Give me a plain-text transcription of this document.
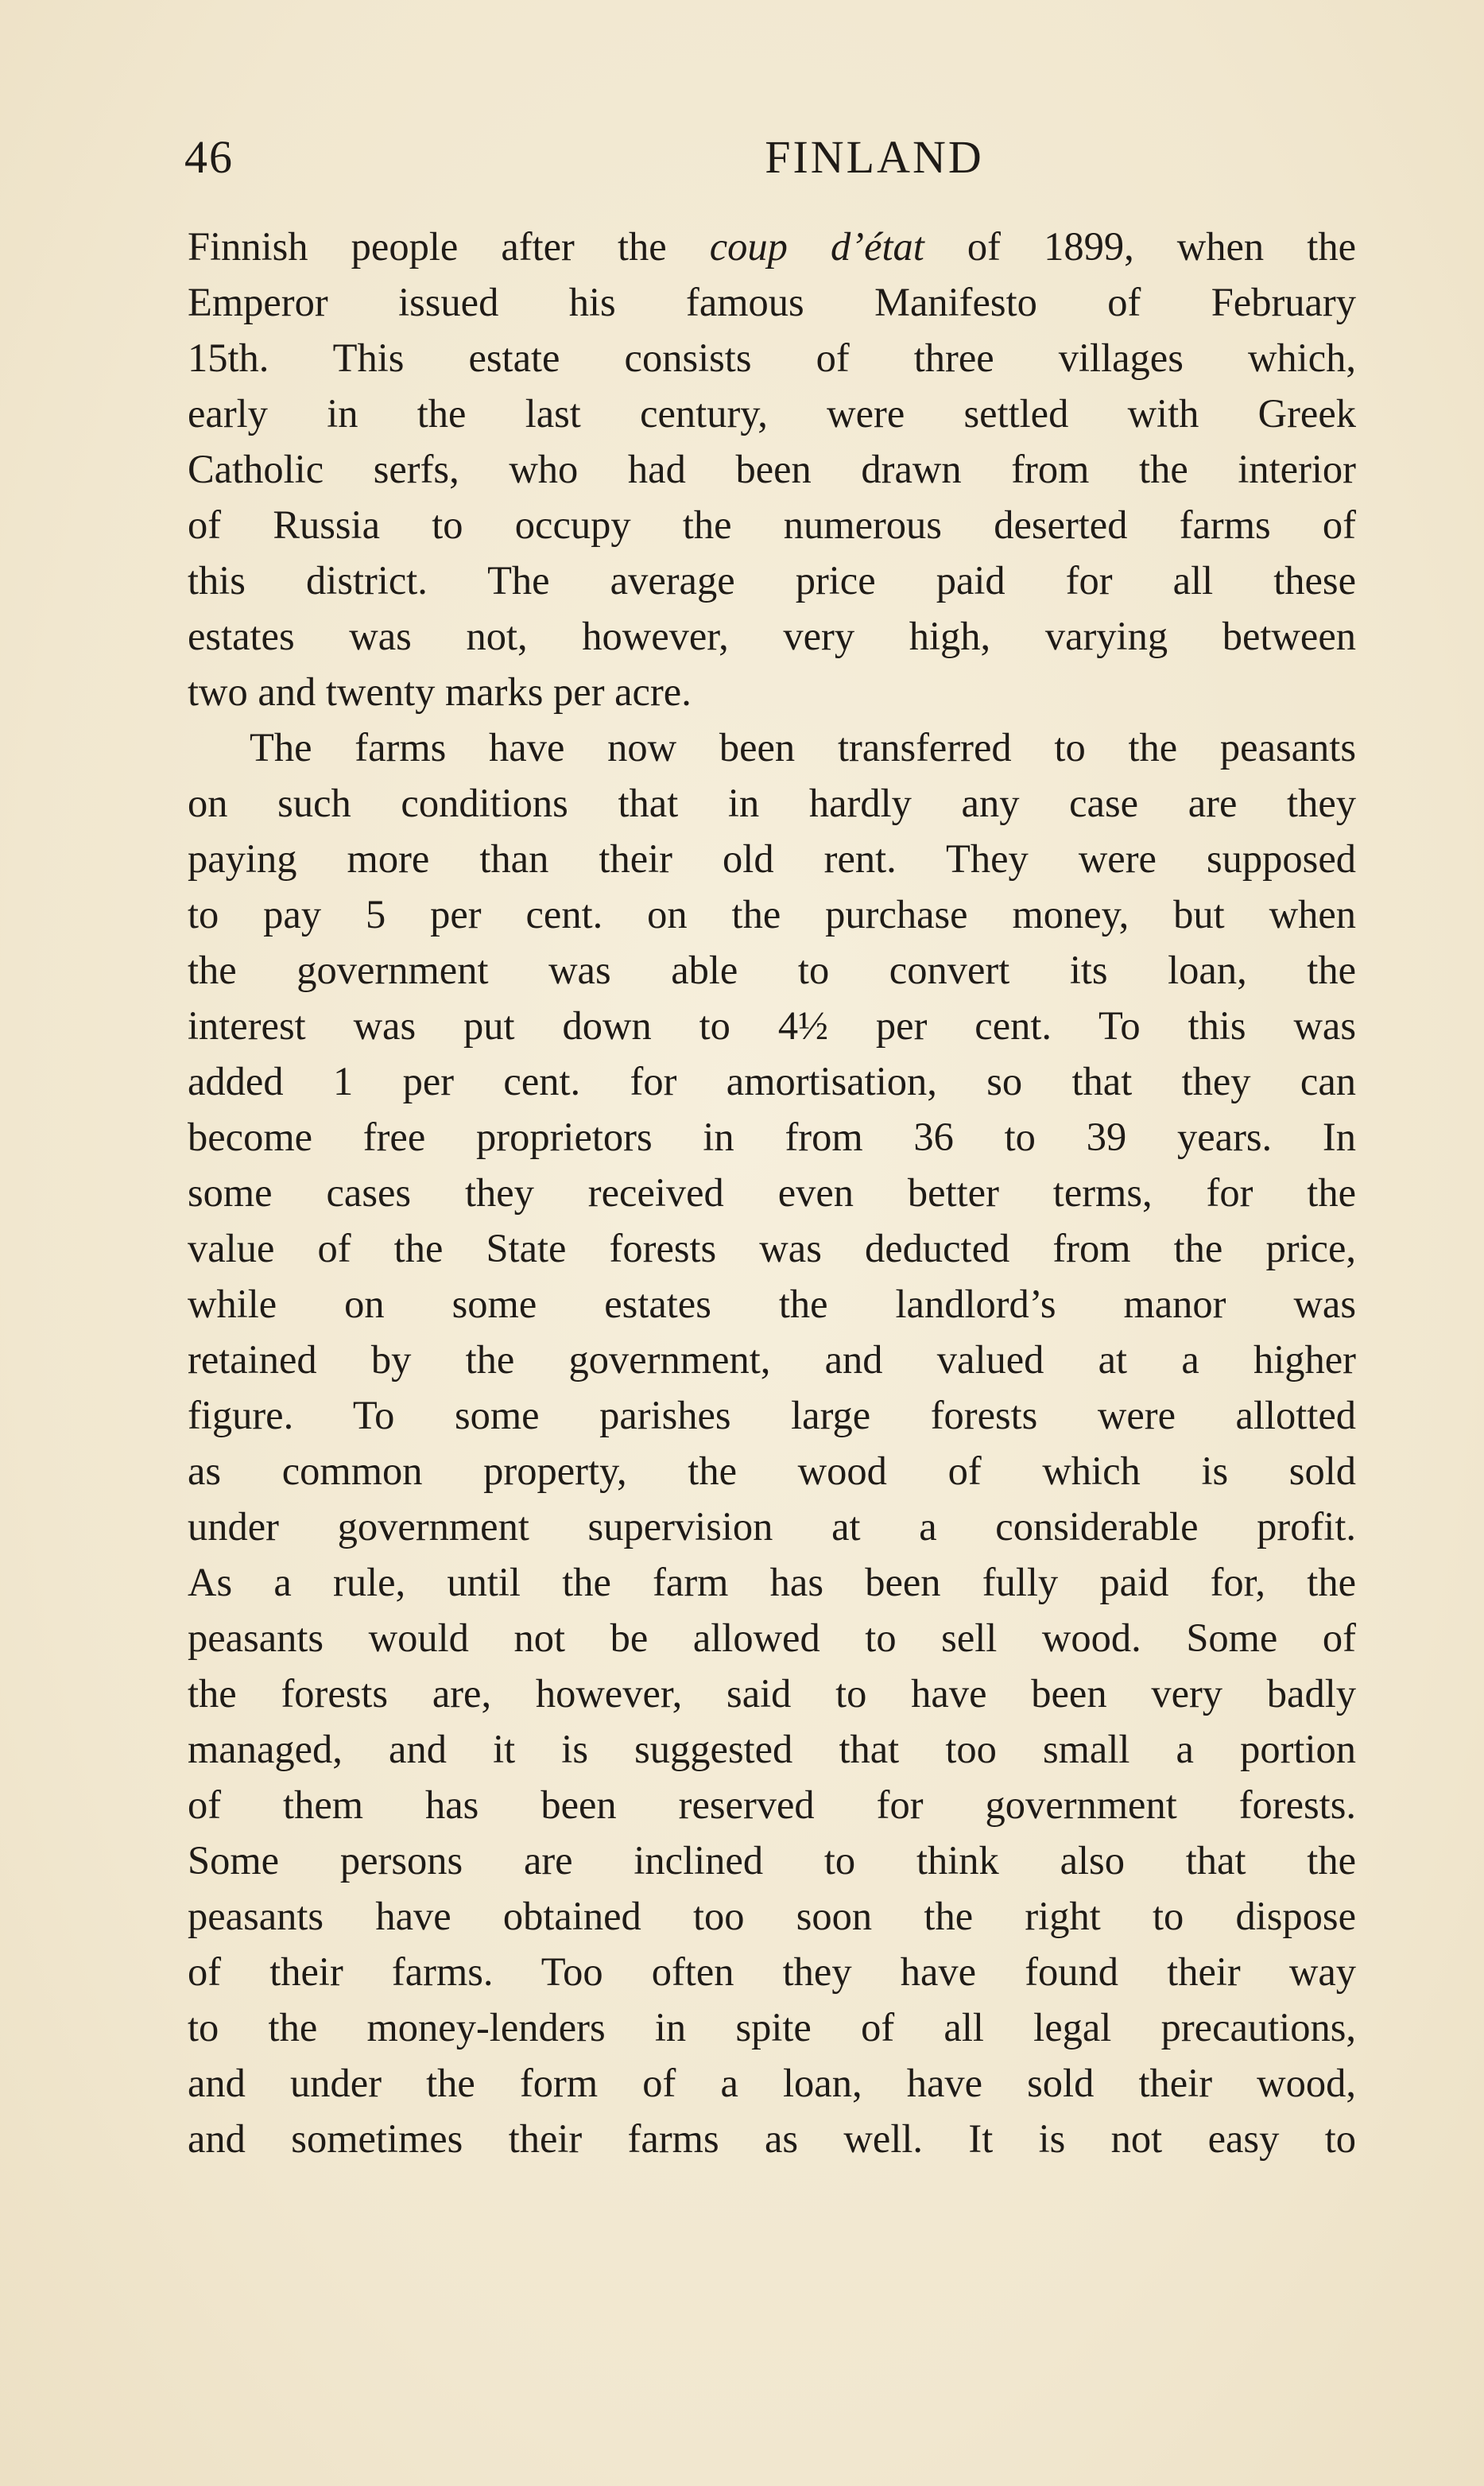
46	FINLAND
Finnish people after the coup d’état of 1899, when the
Emperor issued his famous Manifesto of February
15th. This estate consists of three villages which,
early in the last century, were settled with Greek
Catholic serfs, who had been drawn from the interior
of Russia to occupy the numerous deserted farms of
this district. The average price paid for all these
estates was not, however, very high, varying between
two and twenty marks per acre.
The farms have now been transferred to the peasants
on such conditions that in hardly any case are they
paying more than their old rent. They were supposed
to pay 5 per cent. on the purchase money, but when
the government was able to convert its loan, the
interest was put down to 4½ per cent. To this was
added 1 per cent. for amortisation, so that they can
become free proprietors in from 36 to 39 years. In
some cases they received even better terms, for the
value of the State forests was deducted from the price,
while on some estates the landlord’s manor was
retained by the government, and valued at a higher
figure. To some parishes large forests were allotted
as common property, the wood of which is sold
under government supervision at a considerable profit.
As a rule, until the farm has been fully paid for, the
peasants would not be allowed to sell wood. Some of
the forests are, however, said to have been very badly
managed, and it is suggested that too small a portion
of them has been reserved for government forests.
Some persons are inclined to think also that the
peasants have obtained too soon the right to dispose
of their farms. Too often they have found their way
to the money-lenders in spite of all legal precautions,
and under the form of a loan, have sold their wood,
and sometimes their farms as well. It is not easy to
